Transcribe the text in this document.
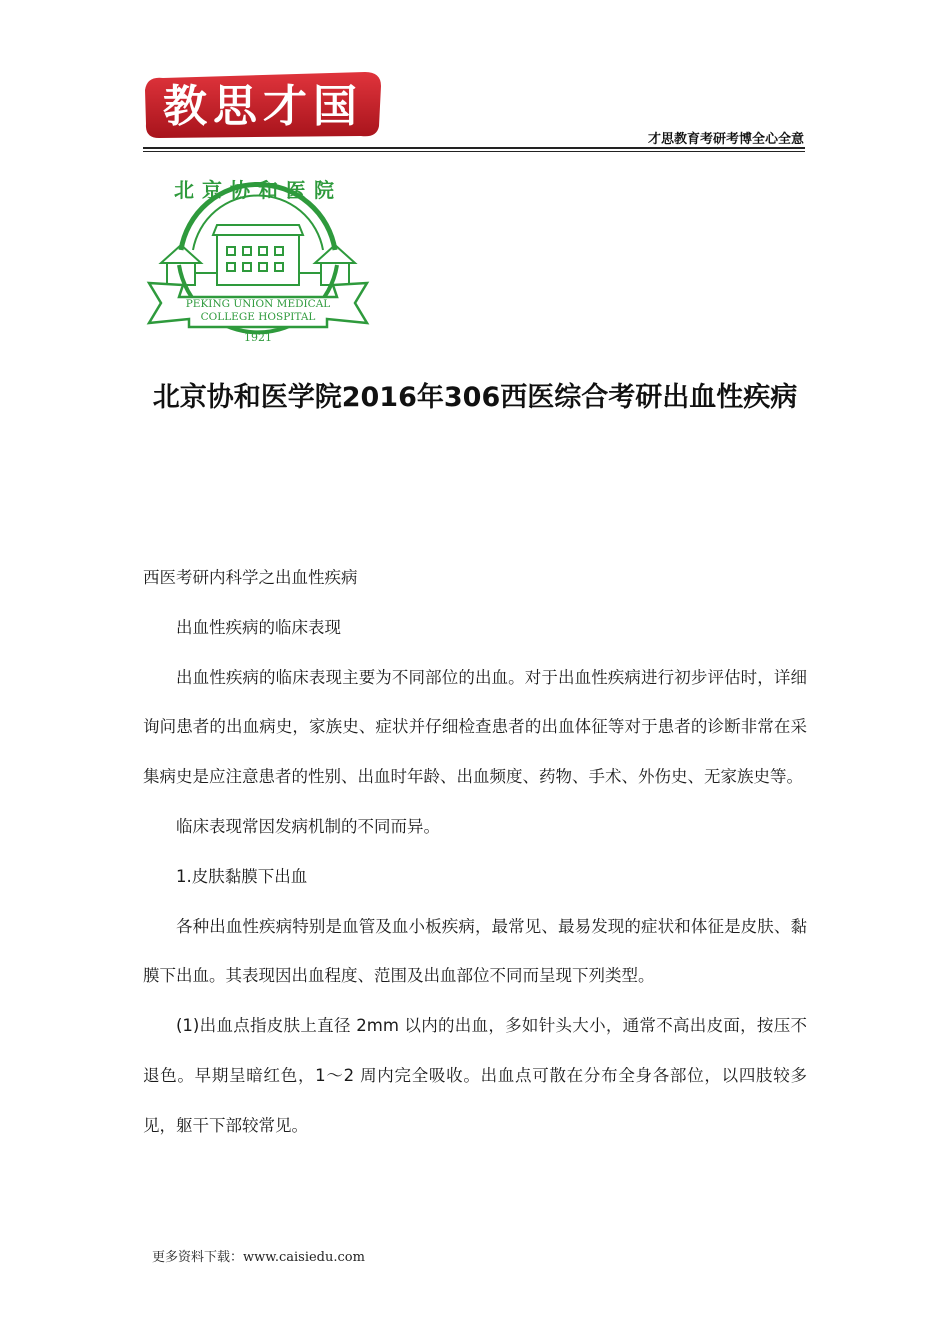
教思才国
才思教育考研考博全心全意
北京协和医院
PEKING UNION MEDICAL
COLLEGE HOSPITAL
1921
北京协和医学院2016年306西医综合考研出血性疾病

西医考研内科学之出血性疾病

出血性疾病的临床表现

出血性疾病的临床表现主要为不同部位的出血。对于出血性疾病进行初步评估时，详细询问患者的出血病史，家族史、症状并仔细检查患者的出血体征等对于患者的诊断非常在采集病史是应注意患者的性别、出血时年龄、出血频度、药物、手术、外伤史、无家族史等。

临床表现常因发病机制的不同而异。

1.皮肤黏膜下出血

各种出血性疾病特别是血管及血小板疾病，最常见、最易发现的症状和体征是皮肤、黏膜下出血。其表现因出血程度、范围及出血部位不同而呈现下列类型。

(1)出血点指皮肤上直径 2mm 以内的出血，多如针头大小，通常不高出皮面，按压不退色。早期呈暗红色，1～2 周内完全吸收。出血点可散在分布全身各部位，以四肢较多见，躯干下部较常见。

更多资料下载：www.caisiedu.com
